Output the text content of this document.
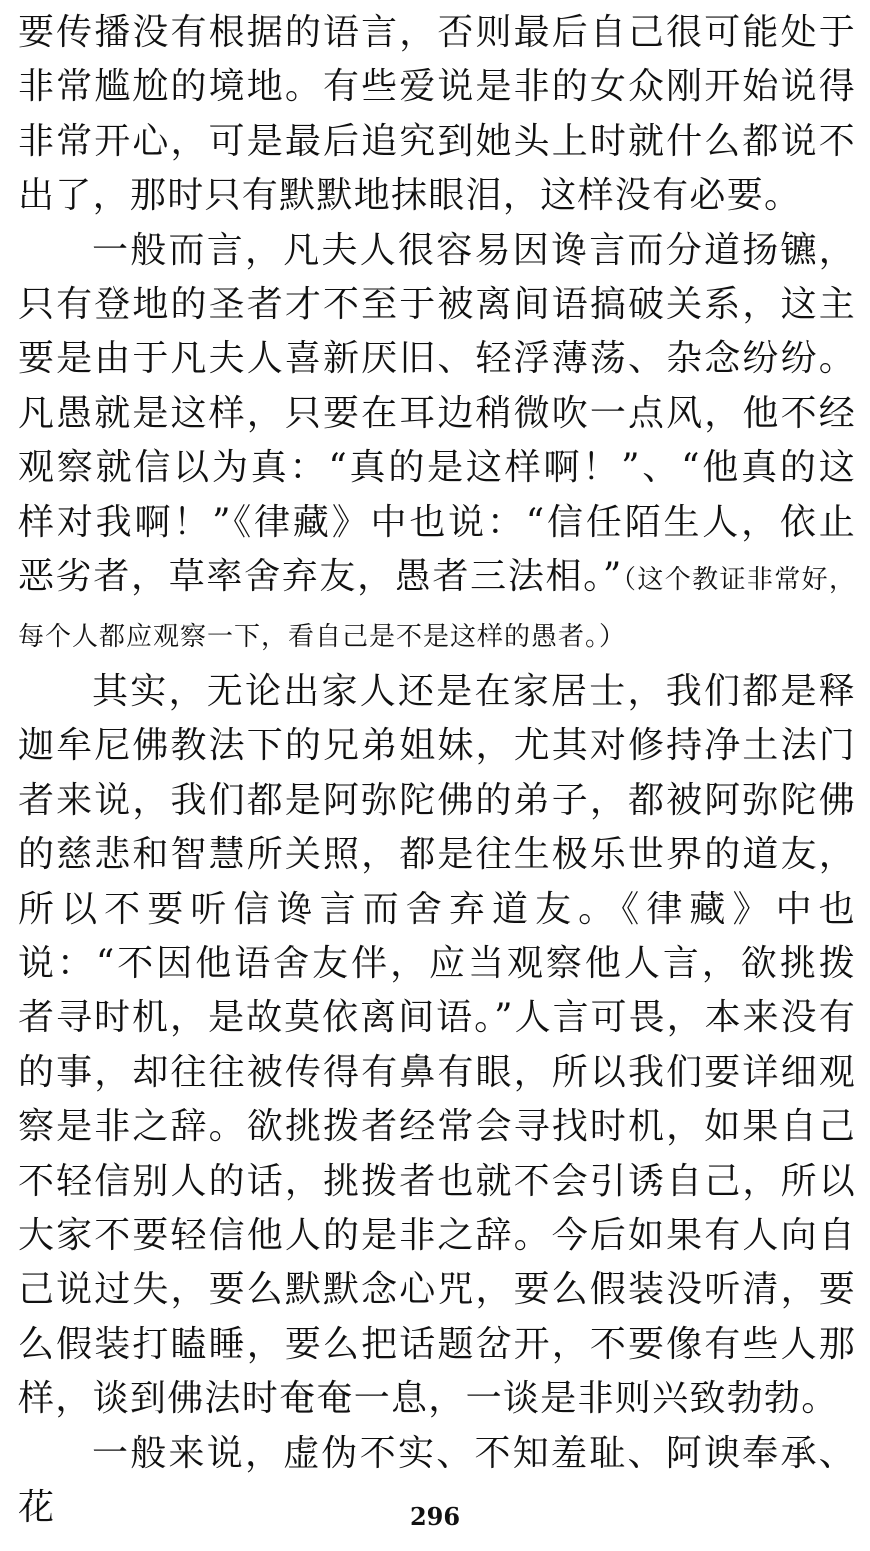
要传播没有根据的语言，否则最后自己很可能处于非常尴尬的境地。有些爱说是非的女众刚开始说得非常开心，可是最后追究到她头上时就什么都说不出了，那时只有默默地抹眼泪，这样没有必要。

一般而言，凡夫人很容易因谗言而分道扬镳，只有登地的圣者才不至于被离间语搞破关系，这主要是由于凡夫人喜新厌旧、轻浮薄荡、杂念纷纷。凡愚就是这样，只要在耳边稍微吹一点风，他不经观察就信以为真：“真的是这样啊！”、“他真的这样对我啊！”《律藏》中也说：“信任陌生人，依止恶劣者，草率舍弃友，愚者三法相。”（这个教证非常好，每个人都应观察一下，看自己是不是这样的愚者。）

其实，无论出家人还是在家居士，我们都是释迦牟尼佛教法下的兄弟姐妹，尤其对修持净土法门者来说，我们都是阿弥陀佛的弟子，都被阿弥陀佛的慈悲和智慧所关照，都是往生极乐世界的道友，所以不要听信谗言而舍弃道友。《律藏》中也说：“不因他语舍友伴，应当观察他人言，欲挑拨者寻时机，是故莫依离间语。”人言可畏，本来没有的事，却往往被传得有鼻有眼，所以我们要详细观察是非之辞。欲挑拨者经常会寻找时机，如果自己不轻信别人的话，挑拨者也就不会引诱自己，所以大家不要轻信他人的是非之辞。今后如果有人向自己说过失，要么默默念心咒，要么假装没听清，要么假装打瞌睡，要么把话题岔开，不要像有些人那样，谈到佛法时奄奄一息，一谈是非则兴致勃勃。

一般来说，虚伪不实、不知羞耻、阿谀奉承、花	296
